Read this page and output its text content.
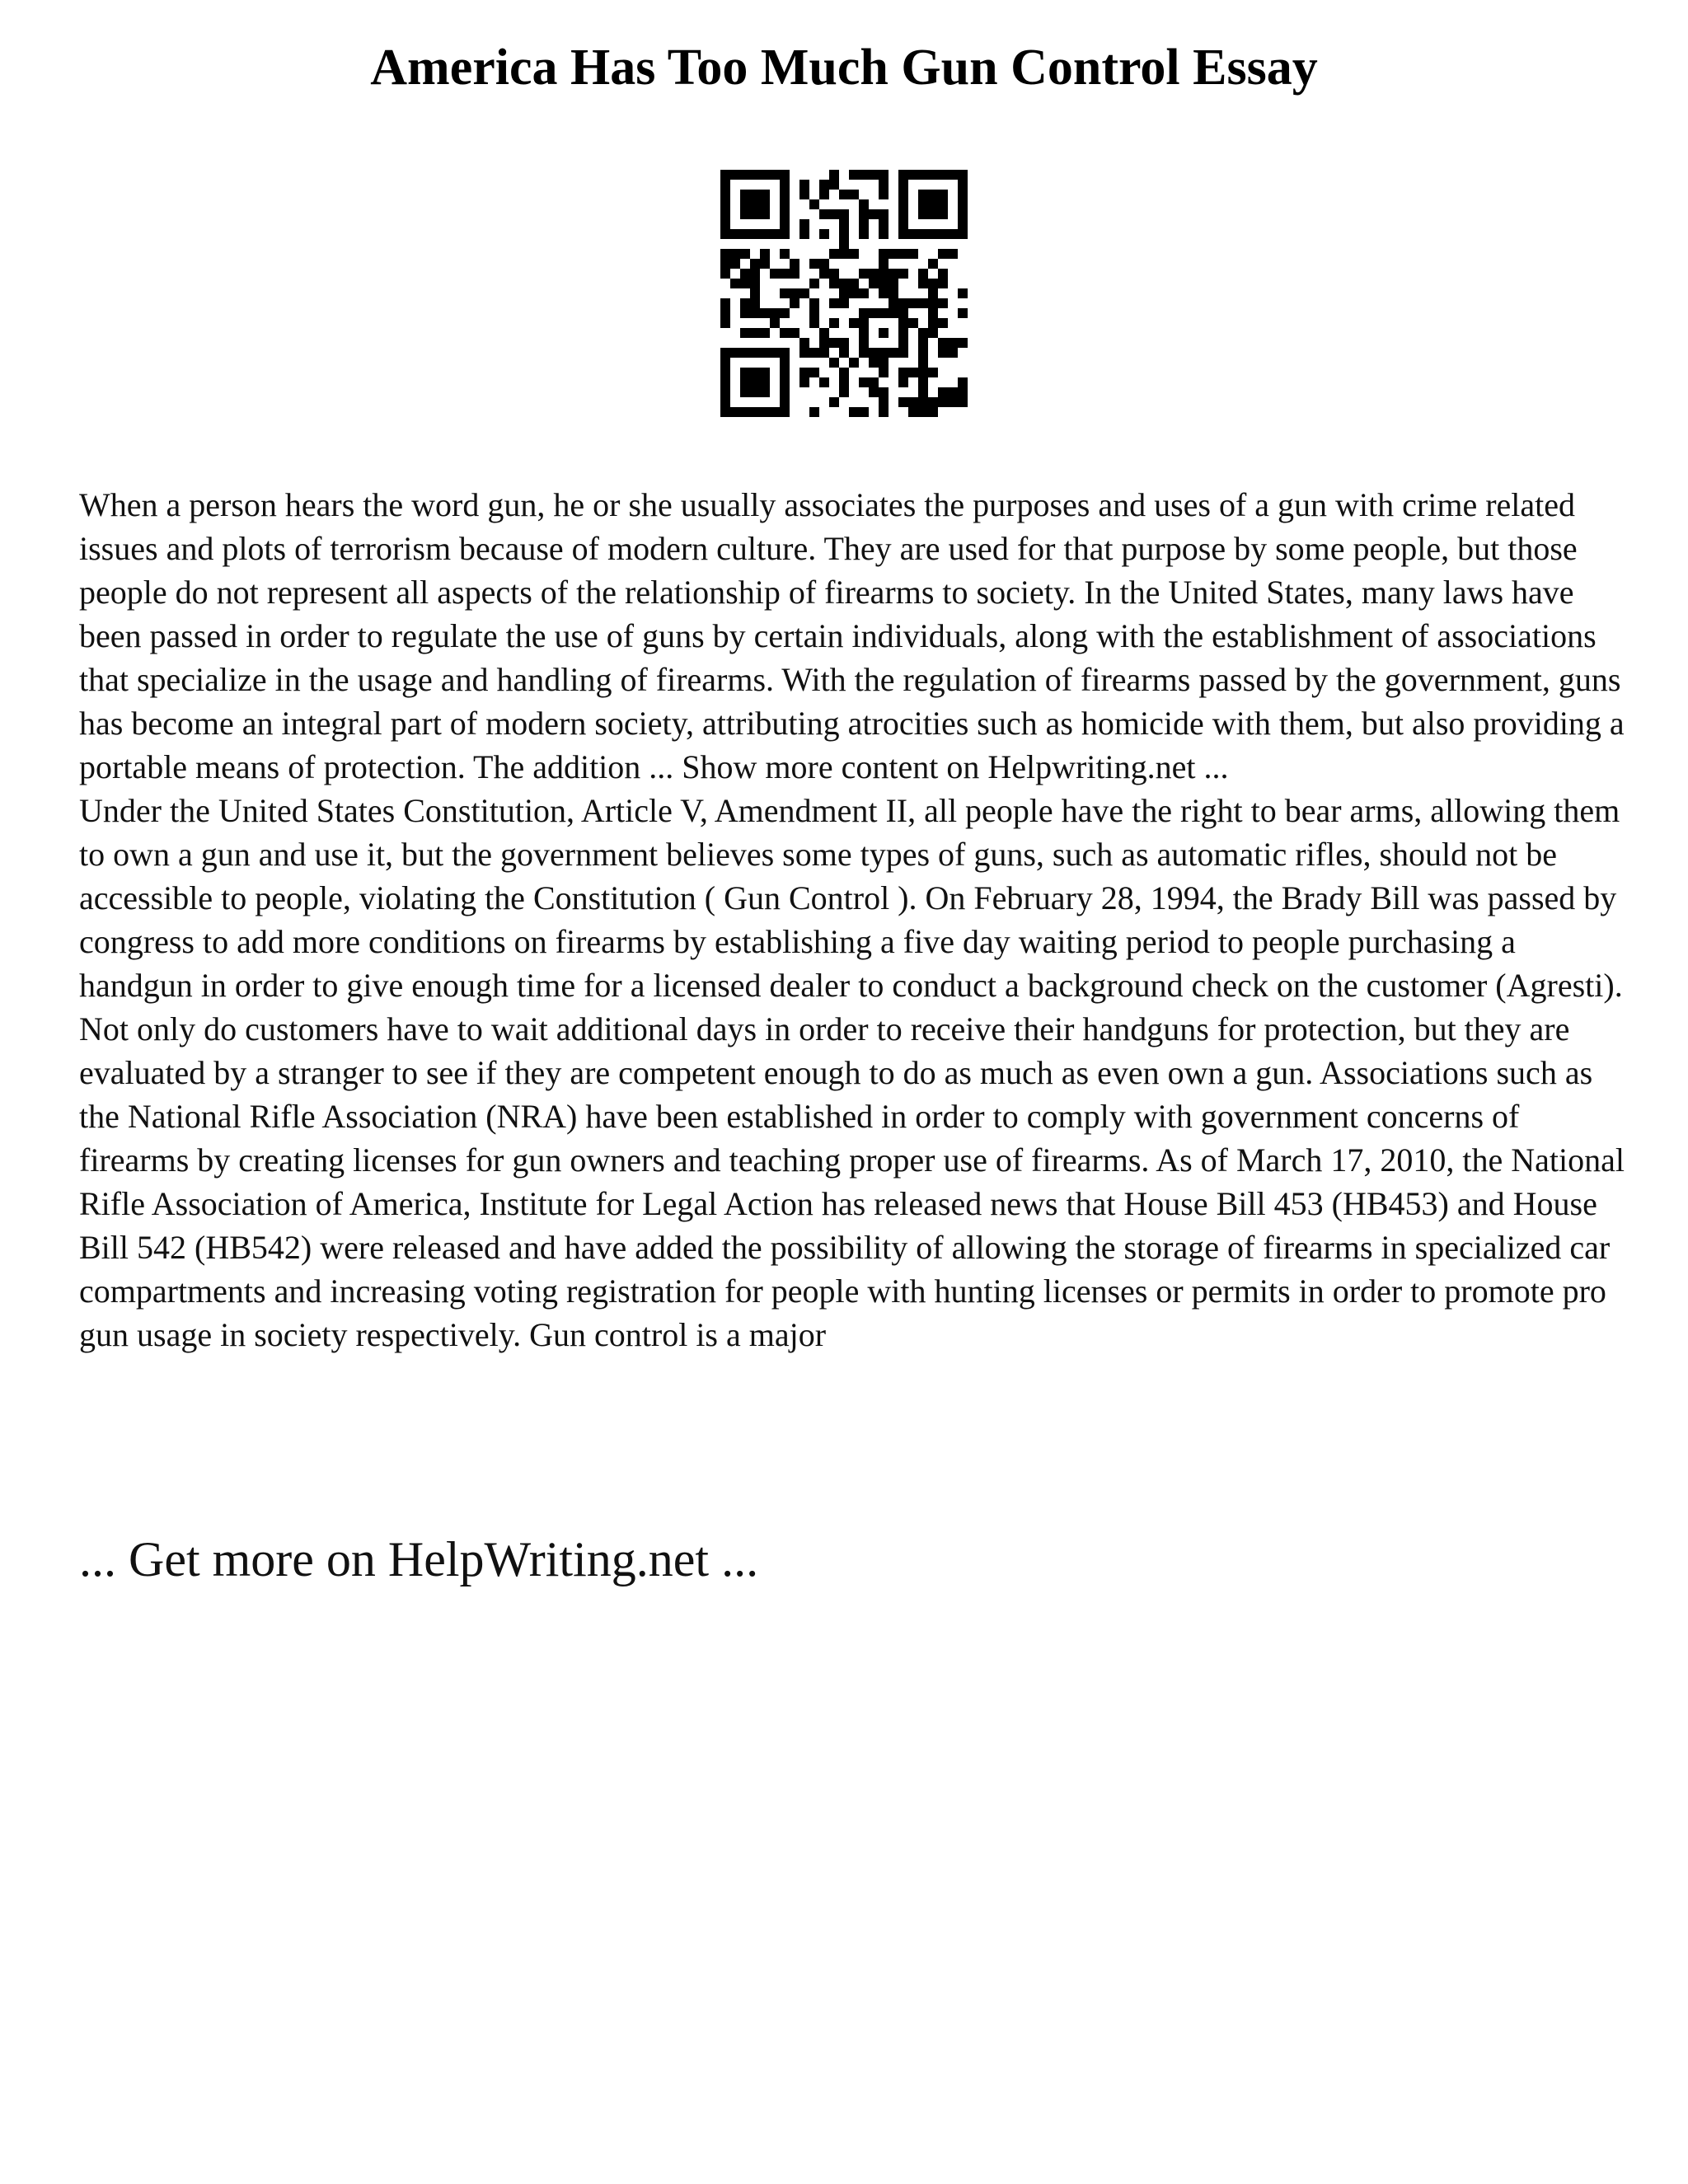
America Has Too Much Gun Control Essay

When a person hears the word gun, he or she usually associates the purposes and uses of a gun with crime related issues and plots of terrorism because of modern culture. They are used for that purpose by some people, but those people do not represent all aspects of the relationship of firearms to society. In the United States, many laws have been passed in order to regulate the use of guns by certain individuals, along with the establishment of associations that specialize in the usage and handling of firearms. With the regulation of firearms passed by the government, guns has become an integral part of modern society, attributing atrocities such as homicide with them, but also providing a portable means of protection. The addition ... Show more content on Helpwriting.net ...

Under the United States Constitution, Article V, Amendment II, all people have the right to bear arms, allowing them to own a gun and use it, but the government believes some types of guns, such as automatic rifles, should not be accessible to people, violating the Constitution ( Gun Control ). On February 28, 1994, the Brady Bill was passed by congress to add more conditions on firearms by establishing a five day waiting period to people purchasing a handgun in order to give enough time for a licensed dealer to conduct a background check on the customer (Agresti). Not only do customers have to wait additional days in order to receive their handguns for protection, but they are evaluated by a stranger to see if they are competent enough to do as much as even own a gun. Associations such as the National Rifle Association (NRA) have been established in order to comply with government concerns of firearms by creating licenses for gun owners and teaching proper use of firearms. As of March 17, 2010, the National Rifle Association of America, Institute for Legal Action has released news that House Bill 453 (HB453) and House Bill 542 (HB542) were released and have added the possibility of allowing the storage of firearms in specialized car compartments and increasing voting registration for people with hunting licenses or permits in order to promote pro gun usage in society respectively. Gun control is a major

... Get more on HelpWriting.net ...
